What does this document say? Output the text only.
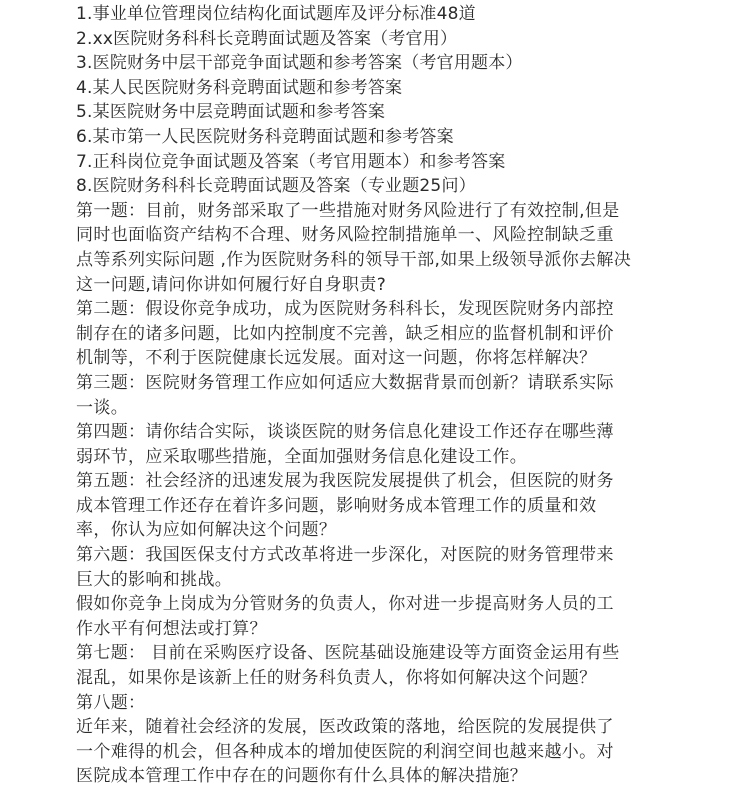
1.事业单位管理岗位结构化面试题库及评分标准48道
2.xx医院财务科科长竞聘面试题及答案（考官用）
3.医院财务中层干部竞争面试题和参考答案（考官用题本）
4.某人民医院财务科竞聘面试题和参考答案
5.某医院财务中层竞聘面试题和参考答案
6.某市第一人民医院财务科竞聘面试题和参考答案
7.正科岗位竞争面试题及答案（考官用题本）和参考答案
8.医院财务科科长竞聘面试题及答案（专业题25问）
第一题：目前，财务部采取了一些措施对财务风险进行了有效控制,但是
同时也面临资产结构不合理、财务风险控制措施单一、风险控制缺乏重
点等系列实际问题 ,作为医院财务科的领导干部,如果上级领导派你去解决
这一问题,请问你讲如何履行好自身职责?
第二题：假设你竞争成功，成为医院财务科科长，发现医院财务内部控
制存在的诸多问题，比如内控制度不完善，缺乏相应的监督机制和评价
机制等，不利于医院健康长远发展。面对这一问题，你将怎样解决？
第三题：医院财务管理工作应如何适应大数据背景而创新？请联系实际
一谈。
第四题：请你结合实际，谈谈医院的财务信息化建设工作还存在哪些薄
弱环节，应采取哪些措施，全面加强财务信息化建设工作。
第五题：社会经济的迅速发展为我医院发展提供了机会，但医院的财务
成本管理工作还存在着许多问题，影响财务成本管理工作的质量和效
率，你认为应如何解决这个问题？
第六题：我国医保支付方式改革将进一步深化，对医院的财务管理带来
巨大的影响和挑战。
假如你竞争上岗成为分管财务的负责人，你对进一步提高财务人员的工
作水平有何想法或打算？
第七题： 目前在采购医疗设备、医院基础设施建设等方面资金运用有些
混乱，如果你是该新上任的财务科负责人，你将如何解决这个问题？
第八题：
近年来，随着社会经济的发展，医改政策的落地，给医院的发展提供了
一个难得的机会，但各种成本的增加使医院的利润空间也越来越小。对
医院成本管理工作中存在的问题你有什么具体的解决措施？
